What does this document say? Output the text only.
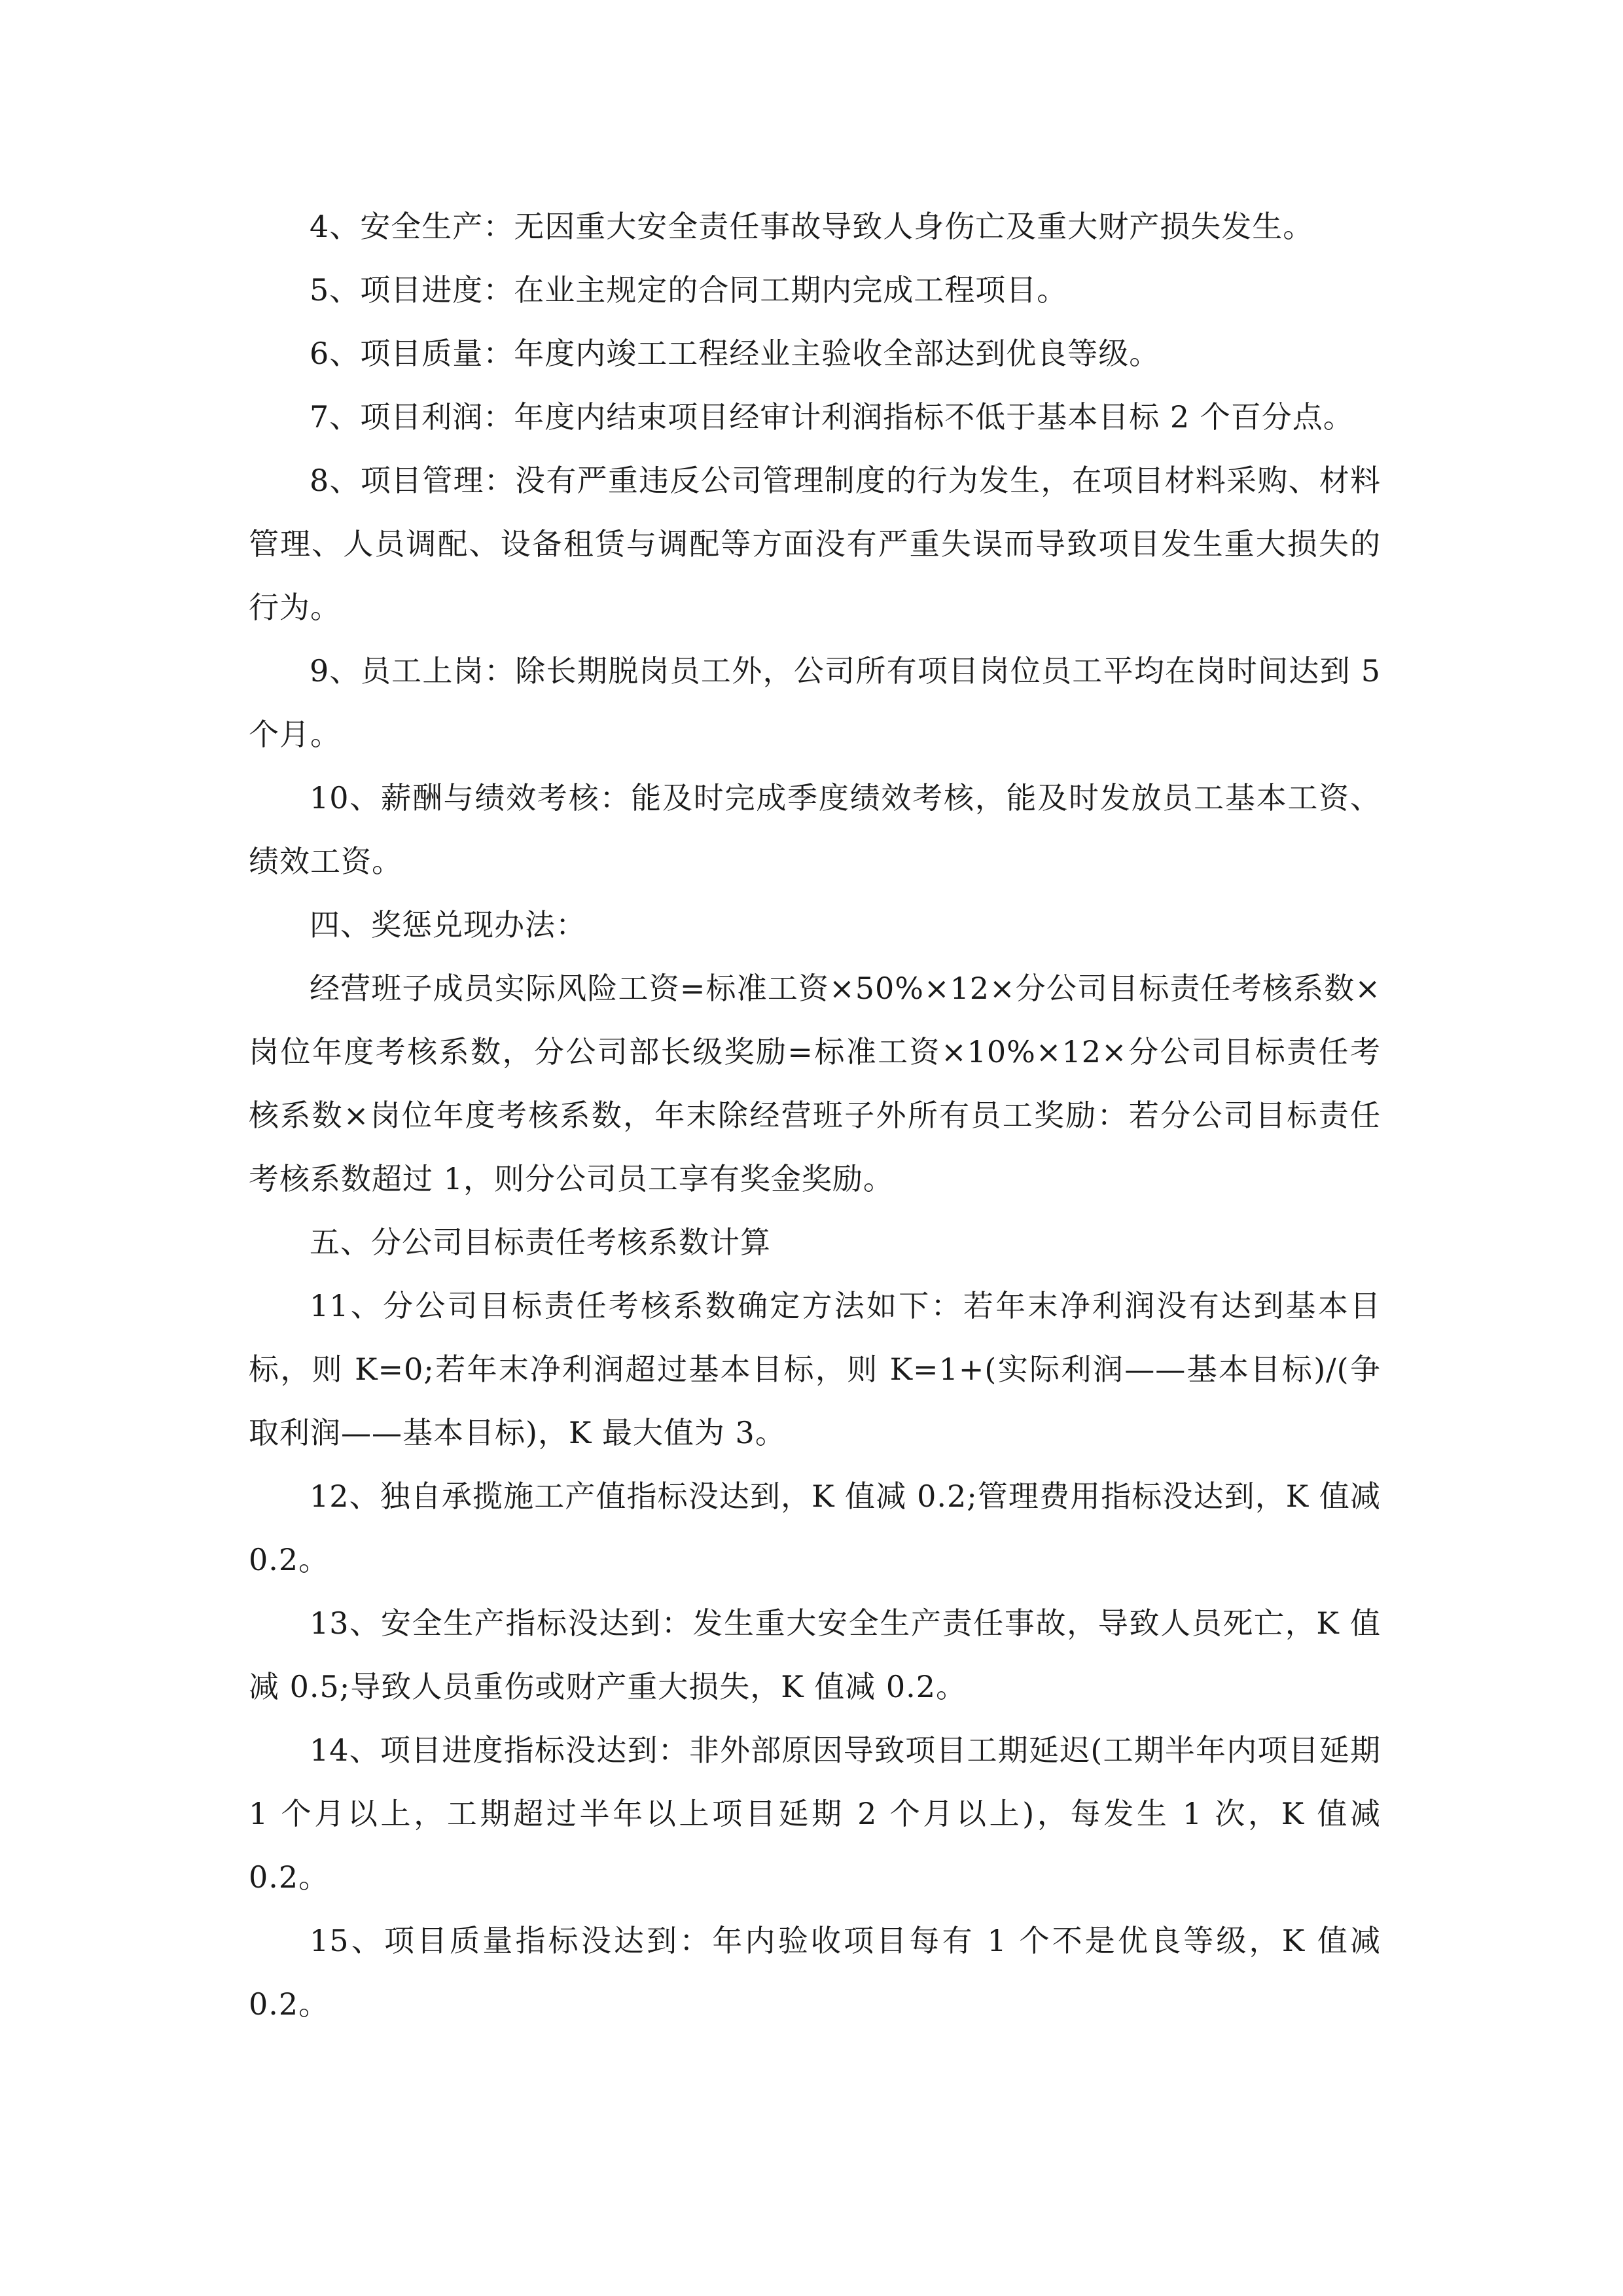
4、安全生产：无因重大安全责任事故导致人身伤亡及重大财产损失发生。

5、项目进度：在业主规定的合同工期内完成工程项目。

6、项目质量：年度内竣工工程经业主验收全部达到优良等级。

7、项目利润：年度内结束项目经审计利润指标不低于基本目标 2 个百分点。

8、项目管理：没有严重违反公司管理制度的行为发生，在项目材料采购、材料管理、人员调配、设备租赁与调配等方面没有严重失误而导致项目发生重大损失的行为。

9、员工上岗：除长期脱岗员工外，公司所有项目岗位员工平均在岗时间达到 5 个月。

10、薪酬与绩效考核：能及时完成季度绩效考核，能及时发放员工基本工资、绩效工资。

四、奖惩兑现办法：

经营班子成员实际风险工资=标准工资×50%×12×分公司目标责任考核系数×岗位年度考核系数，分公司部长级奖励=标准工资×10%×12×分公司目标责任考核系数×岗位年度考核系数，年末除经营班子外所有员工奖励：若分公司目标责任考核系数超过 1，则分公司员工享有奖金奖励。

五、分公司目标责任考核系数计算

11、分公司目标责任考核系数确定方法如下：若年末净利润没有达到基本目标，则 K=0;若年末净利润超过基本目标，则 K=1+(实际利润——基本目标)/(争取利润——基本目标)，K 最大值为 3。

12、独自承揽施工产值指标没达到，K 值减 0.2;管理费用指标没达到，K 值减 0.2。

13、安全生产指标没达到：发生重大安全生产责任事故，导致人员死亡，K 值减 0.5;导致人员重伤或财产重大损失，K 值减 0.2。

14、项目进度指标没达到：非外部原因导致项目工期延迟(工期半年内项目延期 1 个月以上，工期超过半年以上项目延期 2 个月以上)，每发生 1 次，K 值减 0.2。

15、项目质量指标没达到：年内验收项目每有 1 个不是优良等级，K 值减 0.2。
